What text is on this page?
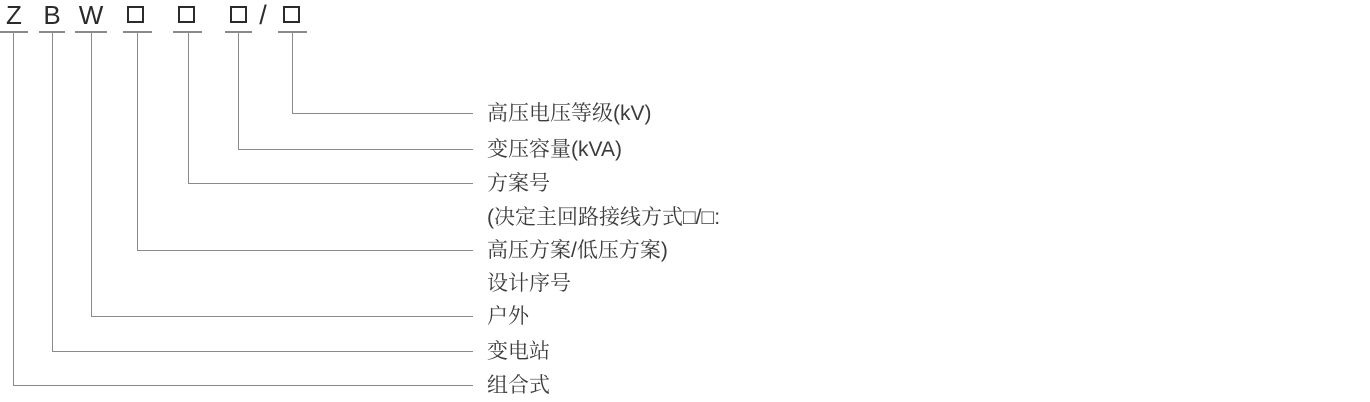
Z B W	/
高压电压等级(kV)
变压容量(kVA)
方案号
(决定主回路接线方式□/□:
高压方案/低压方案)
设计序号
户外
变电站
组合式
